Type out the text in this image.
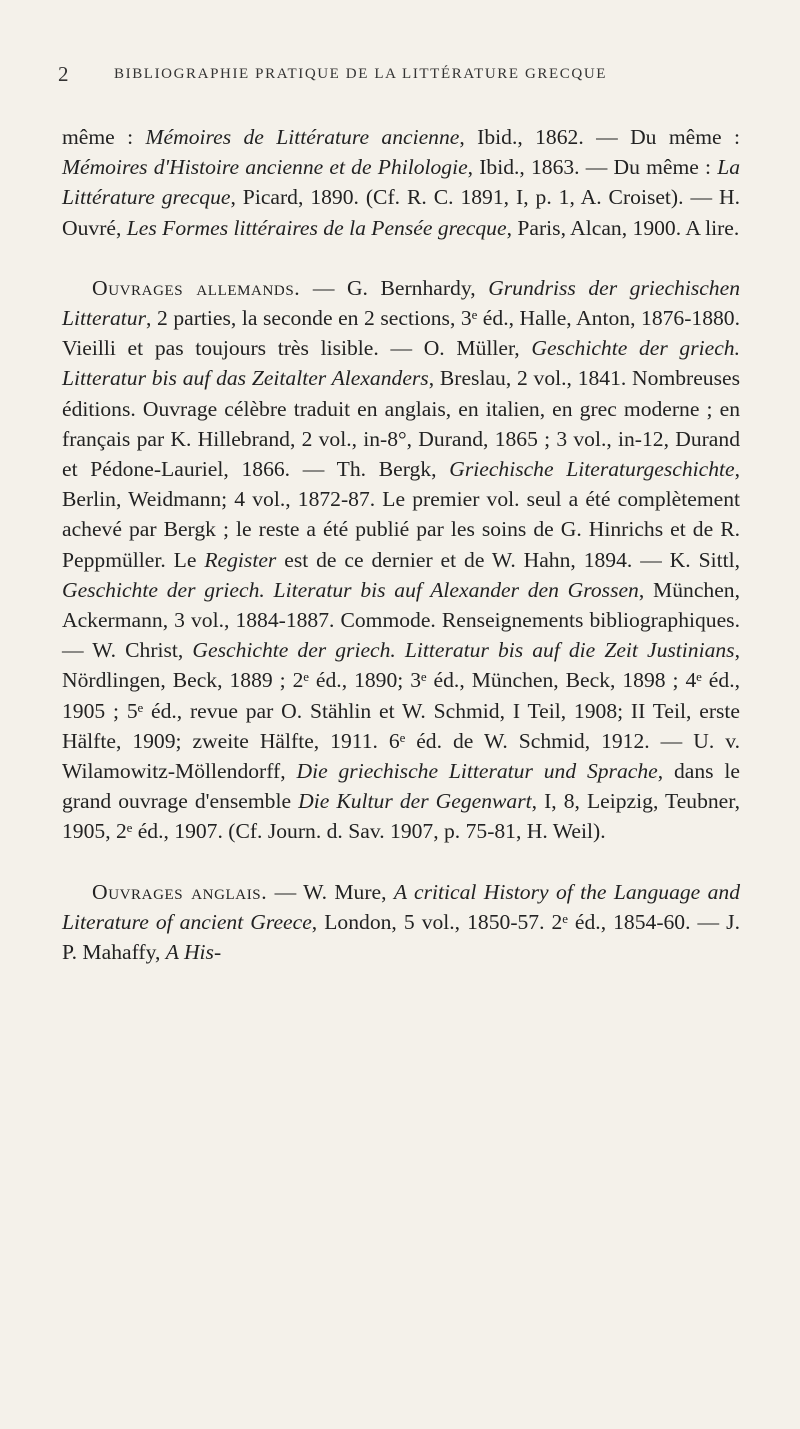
2	BIBLIOGRAPHIE PRATIQUE DE LA LITTÉRATURE GRECQUE

même : Mémoires de Littérature ancienne, Ibid., 1862. — Du même : Mémoires d'Histoire ancienne et de Philologie, Ibid., 1863. — Du même : La Littérature grecque, Picard, 1890. (Cf. R. C. 1891, I, p. 1, A. Croiset). — H. Ouvré, Les Formes littéraires de la Pensée grecque, Paris, Alcan, 1900. A lire.

Ouvrages allemands. — G. Bernhardy, Grundriss der griechischen Litteratur, 2 parties, la seconde en 2 sections, 3ᵉ éd., Halle, Anton, 1876-1880. Vieilli et pas toujours très lisible. — O. Müller, Geschichte der griech. Litteratur bis auf das Zeitalter Alexanders, Breslau, 2 vol., 1841. Nombreuses éditions. Ouvrage célèbre traduit en anglais, en italien, en grec moderne ; en français par K. Hillebrand, 2 vol., in-8°, Durand, 1865 ; 3 vol., in-12, Durand et Pédone-Lauriel, 1866. — Th. Bergk, Griechische Literaturgeschichte, Berlin, Weidmann; 4 vol., 1872-87. Le premier vol. seul a été complètement achevé par Bergk ; le reste a été publié par les soins de G. Hinrichs et de R. Peppmüller. Le Register est de ce dernier et de W. Hahn, 1894. — K. Sittl, Geschichte der griech. Literatur bis auf Alexander den Grossen, München, Ackermann, 3 vol., 1884-1887. Commode. Renseignements bibliographiques. — W. Christ, Geschichte der griech. Litteratur bis auf die Zeit Justinians, Nördlingen, Beck, 1889 ; 2ᵉ éd., 1890; 3ᵉ éd., München, Beck, 1898 ; 4ᵉ éd., 1905 ; 5ᵉ éd., revue par O. Stählin et W. Schmid, I Teil, 1908; II Teil, erste Hälfte, 1909; zweite Hälfte, 1911. 6ᵉ éd. de W. Schmid, 1912. — U. v. Wilamowitz-Möllendorff, Die griechische Litteratur und Sprache, dans le grand ouvrage d'ensemble Die Kultur der Gegenwart, I, 8, Leipzig, Teubner, 1905, 2ᵉ éd., 1907. (Cf. Journ. d. Sav. 1907, p. 75-81, H. Weil).

Ouvrages anglais. — W. Mure, A critical History of the Language and Literature of ancient Greece, London, 5 vol., 1850-57. 2ᵉ éd., 1854-60. — J. P. Mahaffy, A His-
